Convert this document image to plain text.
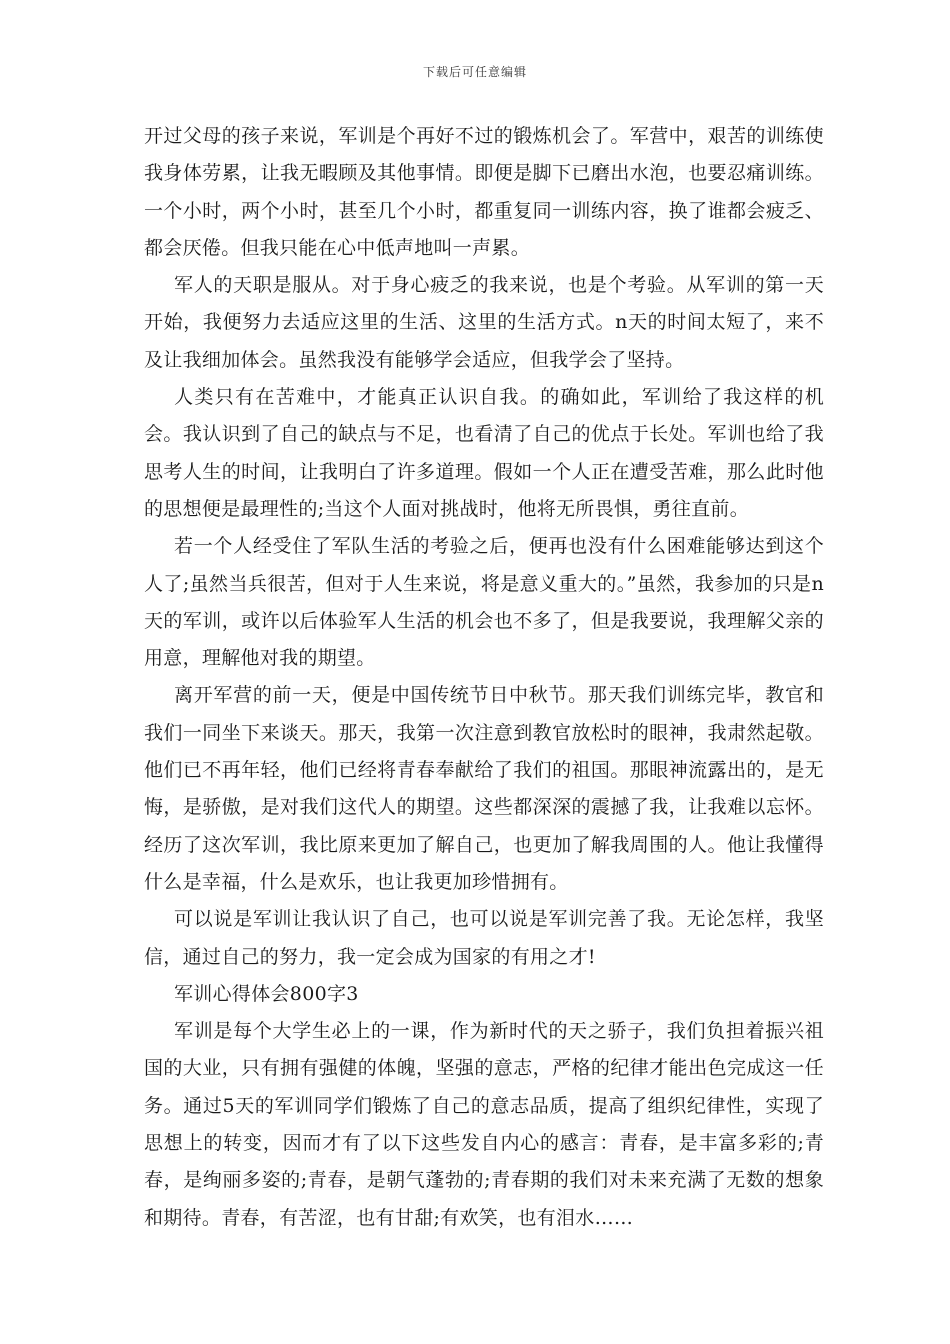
下载后可任意编辑

开过父母的孩子来说，军训是个再好不过的锻炼机会了。军营中，艰苦的训练使我身体劳累，让我无暇顾及其他事情。即便是脚下已磨出水泡，也要忍痛训练。一个小时，两个小时，甚至几个小时，都重复同一训练内容，换了谁都会疲乏、都会厌倦。但我只能在心中低声地叫一声累。

军人的天职是服从。对于身心疲乏的我来说，也是个考验。从军训的第一天开始，我便努力去适应这里的生活、这里的生活方式。n天的时间太短了，来不及让我细加体会。虽然我没有能够学会适应，但我学会了坚持。

人类只有在苦难中，才能真正认识自我。的确如此，军训给了我这样的机会。我认识到了自己的缺点与不足，也看清了自己的优点于长处。军训也给了我思考人生的时间，让我明白了许多道理。假如一个人正在遭受苦难，那么此时他的思想便是最理性的;当这个人面对挑战时，他将无所畏惧，勇往直前。

若一个人经受住了军队生活的考验之后，便再也没有什么困难能够达到这个人了;虽然当兵很苦，但对于人生来说，将是意义重大的。”虽然，我参加的只是n天的军训，或许以后体验军人生活的机会也不多了，但是我要说，我理解父亲的用意，理解他对我的期望。

离开军营的前一天，便是中国传统节日中秋节。那天我们训练完毕，教官和我们一同坐下来谈天。那天，我第一次注意到教官放松时的眼神，我肃然起敬。他们已不再年轻，他们已经将青春奉献给了我们的祖国。那眼神流露出的，是无悔，是骄傲，是对我们这代人的期望。这些都深深的震撼了我，让我难以忘怀。经历了这次军训，我比原来更加了解自己，也更加了解我周围的人。他让我懂得什么是幸福，什么是欢乐，也让我更加珍惜拥有。

可以说是军训让我认识了自己，也可以说是军训完善了我。无论怎样，我坚信，通过自己的努力，我一定会成为国家的有用之才!

军训心得体会800字3

军训是每个大学生必上的一课，作为新时代的天之骄子，我们负担着振兴祖国的大业，只有拥有强健的体魄，坚强的意志，严格的纪律才能出色完成这一任务。通过5天的军训同学们锻炼了自己的意志品质，提高了组织纪律性，实现了思想上的转变，因而才有了以下这些发自内心的感言：青春，是丰富多彩的;青春，是绚丽多姿的;青春，是朝气蓬勃的;青春期的我们对未来充满了无数的想象和期待。青春，有苦涩，也有甘甜;有欢笑，也有泪水……
